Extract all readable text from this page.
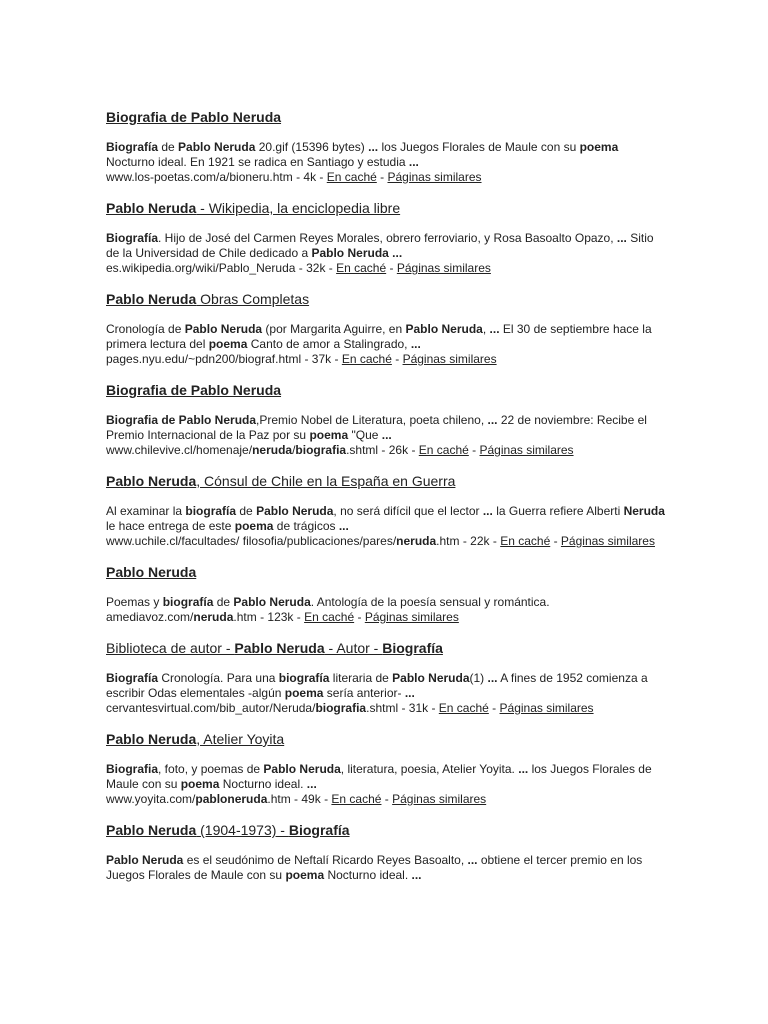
Biografia de Pablo Neruda

Biografía de Pablo Neruda 20.gif (15396 bytes) ... los Juegos Florales de Maule con su poema Nocturno ideal. En 1921 se radica en Santiago y estudia ...

www.los-poetas.com/a/bioneru.htm - 4k - En caché - Páginas similares

Pablo Neruda - Wikipedia, la enciclopedia libre

Biografía. Hijo de José del Carmen Reyes Morales, obrero ferroviario, y Rosa Basoalto Opazo, ... Sitio de la Universidad de Chile dedicado a Pablo Neruda ...

es.wikipedia.org/wiki/Pablo_Neruda - 32k - En caché - Páginas similares

Pablo Neruda Obras Completas

Cronología de Pablo Neruda (por Margarita Aguirre, en Pablo Neruda, ... El 30 de septiembre hace la primera lectura del poema Canto de amor a Stalingrado, ...

pages.nyu.edu/~pdn200/biograf.html - 37k - En caché - Páginas similares

Biografia de Pablo Neruda

Biografia de Pablo Neruda,Premio Nobel de Literatura, poeta chileno, ... 22 de noviembre: Recibe el Premio Internacional de la Paz por su poema "Que ...

www.chilevive.cl/homenaje/neruda/biografia.shtml - 26k - En caché - Páginas similares

Pablo Neruda, Cónsul de Chile en la España en Guerra

Al examinar la biografía de Pablo Neruda, no será difícil que el lector ... la Guerra refiere Alberti Neruda le hace entrega de este poema de trágicos ...

www.uchile.cl/facultades/ filosofia/publicaciones/pares/neruda.htm - 22k - En caché - Páginas similares

Pablo Neruda

Poemas y biografía de Pablo Neruda. Antología de la poesía sensual y romántica.

amediavoz.com/neruda.htm - 123k - En caché - Páginas similares

Biblioteca de autor - Pablo Neruda - Autor - Biografía

Biografía Cronología. Para una biografía literaria de Pablo Neruda(1) ... A fines de 1952 comienza a escribir Odas elementales -algún poema sería anterior- ...

cervantesvirtual.com/bib_autor/Neruda/biografia.shtml - 31k - En caché - Páginas similares

Pablo Neruda, Atelier Yoyita

Biografia, foto, y poemas de Pablo Neruda, literatura, poesia, Atelier Yoyita. ... los Juegos Florales de Maule con su poema Nocturno ideal. ...

www.yoyita.com/pabloneruda.htm - 49k - En caché - Páginas similares

Pablo Neruda (1904-1973) - Biografía

Pablo Neruda es el seudónimo de Neftalí Ricardo Reyes Basoalto, ... obtiene el tercer premio en los Juegos Florales de Maule con su poema Nocturno ideal. ...
